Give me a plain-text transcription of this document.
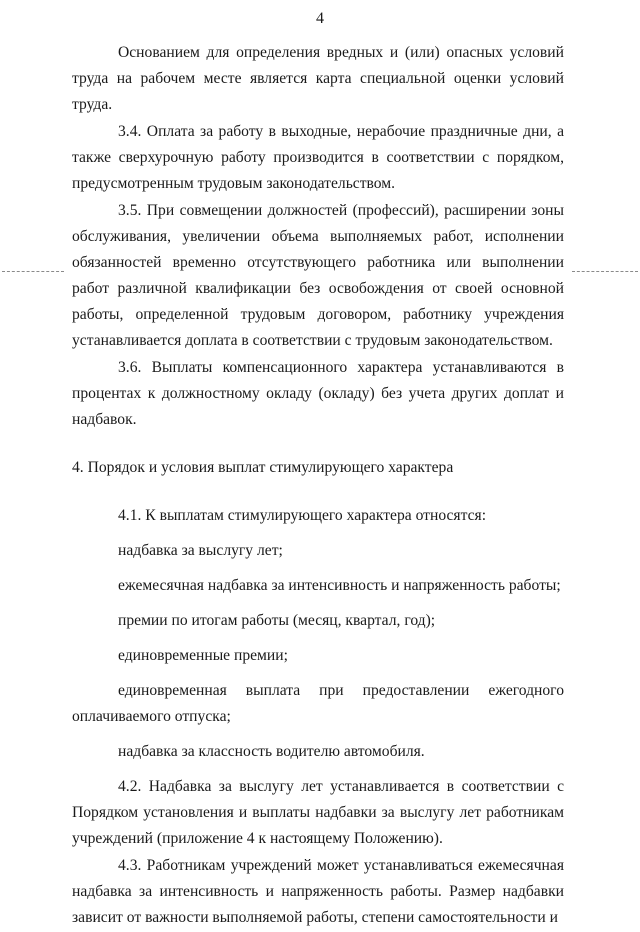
4

Основанием для определения вредных и (или) опасных условий труда на рабочем месте является карта специальной оценки условий труда.

3.4. Оплата за работу в выходные, нерабочие праздничные дни, а также сверхурочную работу производится в соответствии с порядком, предусмотренным трудовым законодательством.

3.5. При совмещении должностей (профессий), расширении зоны обслуживания, увеличении объема выполняемых работ, исполнении обязанностей временно отсутствующего работника или выполнении работ различной квалификации без освобождения от своей основной работы, определенной трудовым договором, работнику учреждения устанавливается доплата в соответствии с трудовым законодательством.

3.6. Выплаты компенсационного характера устанавливаются в процентах к должностному окладу (окладу) без учета других доплат и надбавок.

4. Порядок и условия выплат стимулирующего характера

4.1. К выплатам стимулирующего характера относятся:

надбавка за выслугу лет;

ежемесячная надбавка за интенсивность и напряженность работы;

премии по итогам работы (месяц, квартал, год);

единовременные премии;

единовременная выплата при предоставлении ежегодного оплачиваемого отпуска;

надбавка за классность водителю автомобиля.

4.2. Надбавка за выслугу лет устанавливается в соответствии с Порядком установления и выплаты надбавки за выслугу лет работникам учреждений (приложение 4 к настоящему Положению).

4.3. Работникам учреждений может устанавливаться ежемесячная надбавка за интенсивность и напряженность работы. Размер надбавки зависит от важности выполняемой работы, степени самостоятельности и
